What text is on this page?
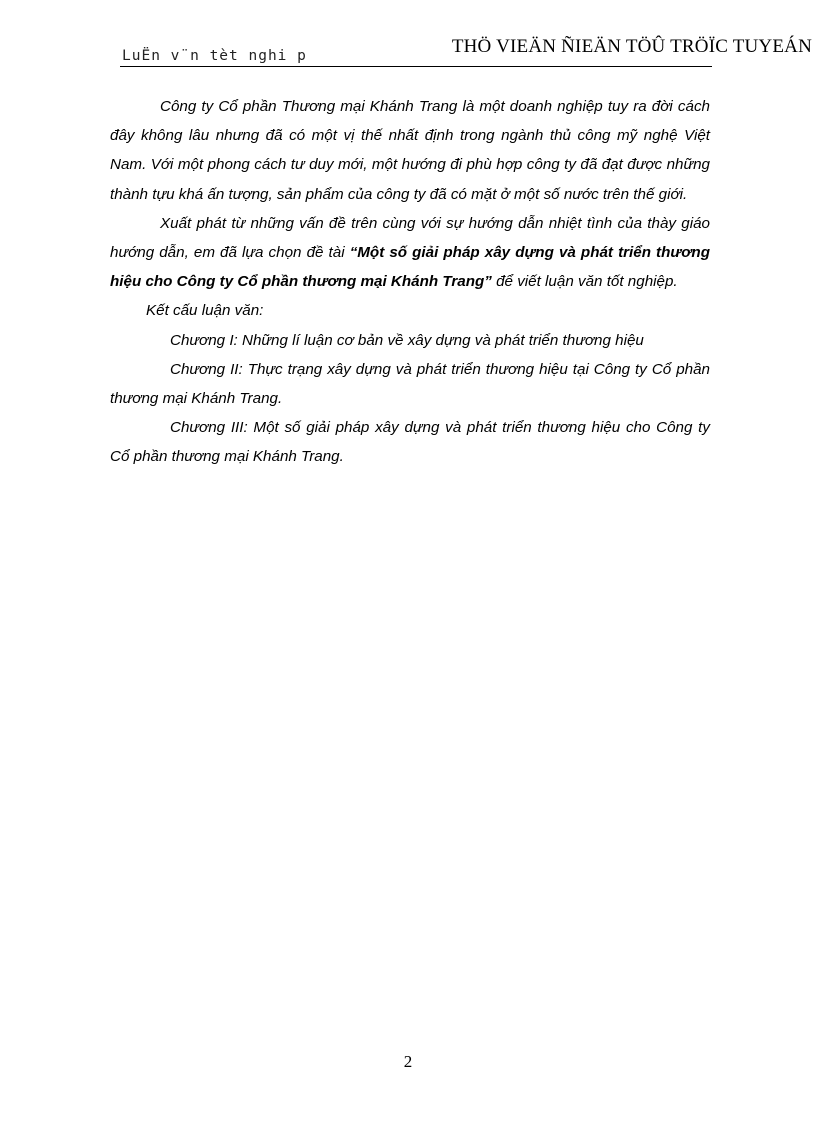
LuËn v¨n tèt nghi p	THÖ VIEÄN ÑIEÄN TÖÛ TRÖÏC TUYEÁN

Công ty Cổ phần Thương mại Khánh Trang là một doanh nghiệp tuy ra đời cách đây không lâu nhưng đã có một vị thế nhất định trong ngành thủ công mỹ nghệ Việt Nam. Với một phong cách tư duy mới, một hướng đi phù hợp công ty đã đạt được những thành tựu khá ấn tượng, sản phẩm của công ty đã có mặt ở một số nước trên thế giới.

Xuất phát từ những vấn đề trên cùng với sự hướng dẫn nhiệt tình của thày giáo hướng dẫn, em đã lựa chọn đề tài “Một số giải pháp xây dựng và phát triển thương hiệu cho Công ty Cổ phần thương mại Khánh Trang” để viết luận văn tốt nghiệp.

Kết cấu luận văn:

Chương I: Những lí luận cơ bản về xây dựng và phát triển thương hiệu

Chương II: Thực trạng xây dựng và phát triển thương hiệu tại Công ty Cổ phần thương mại Khánh Trang.

Chương III: Một số giải pháp xây dựng và phát triển thương hiệu cho Công ty Cổ phần thương mại Khánh Trang.

2
